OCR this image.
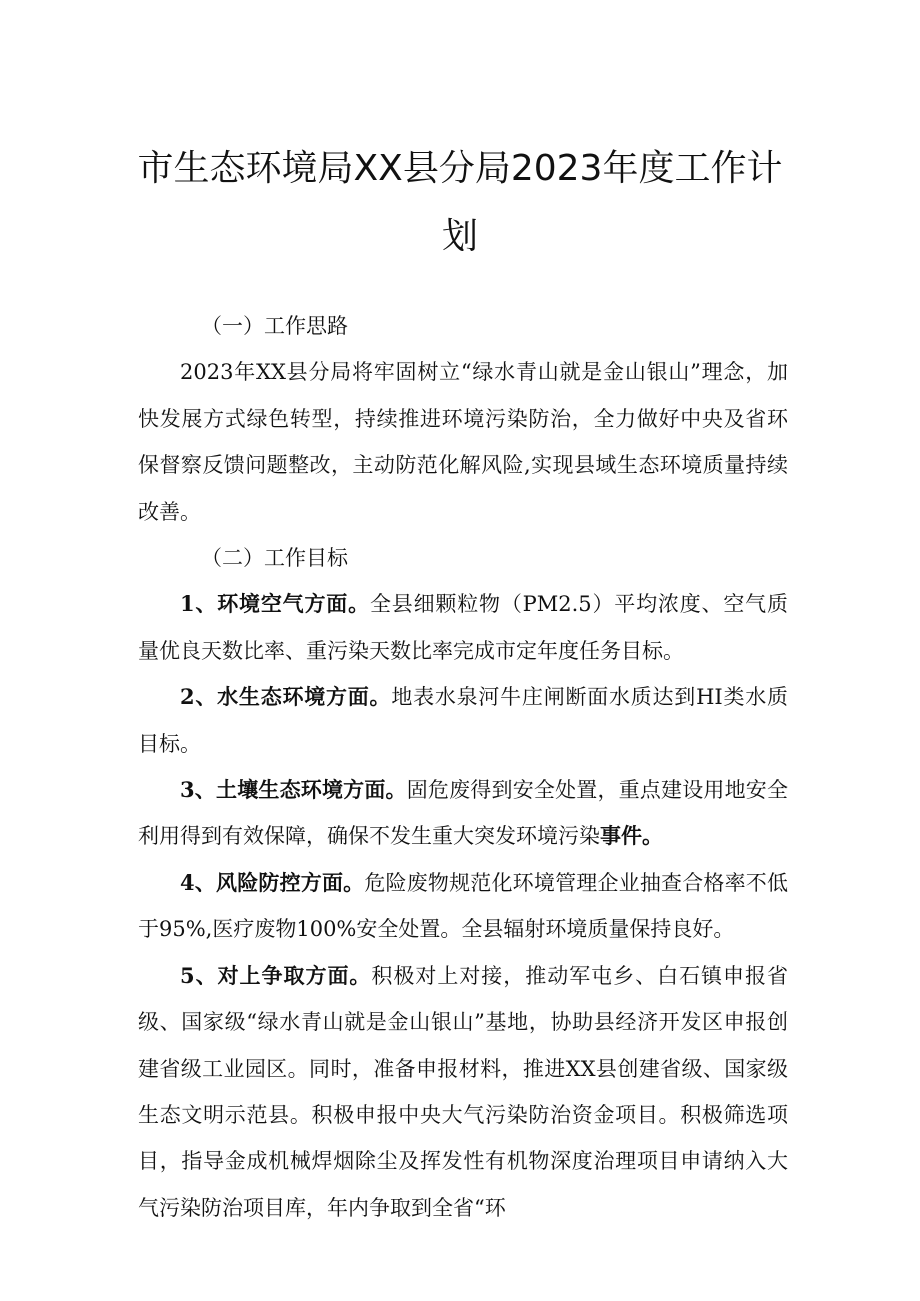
市生态环境局XX县分局2023年度工作计
划

（一）工作思路

2023年XX县分局将牢固树立“绿水青山就是金山银山”理念，加快发展方式绿色转型，持续推进环境污染防治，全力做好中央及省环保督察反馈问题整改，主动防范化解风险,实现县域生态环境质量持续改善。

（二）工作目标

1、环境空气方面。全县细颗粒物（PM2.5）平均浓度、空气质量优良天数比率、重污染天数比率完成市定年度任务目标。

2、水生态环境方面。地表水泉河牛庄闸断面水质达到HI类水质目标。

3、土壤生态环境方面。固危废得到安全处置，重点建设用地安全利用得到有效保障，确保不发生重大突发环境污染事件。

4、风险防控方面。危险废物规范化环境管理企业抽查合格率不低于95%,医疗废物100%安全处置。全县辐射环境质量保持良好。

5、对上争取方面。积极对上对接，推动军屯乡、白石镇申报省级、国家级“绿水青山就是金山银山”基地，协助县经济开发区申报创建省级工业园区。同时，准备申报材料，推进XX县创建省级、国家级生态文明示范县。积极申报中央大气污染防治资金项目。积极筛选项目，指导金成机械焊烟除尘及挥发性有机物深度治理项目申请纳入大气污染防治项目库，年内争取到全省“环
